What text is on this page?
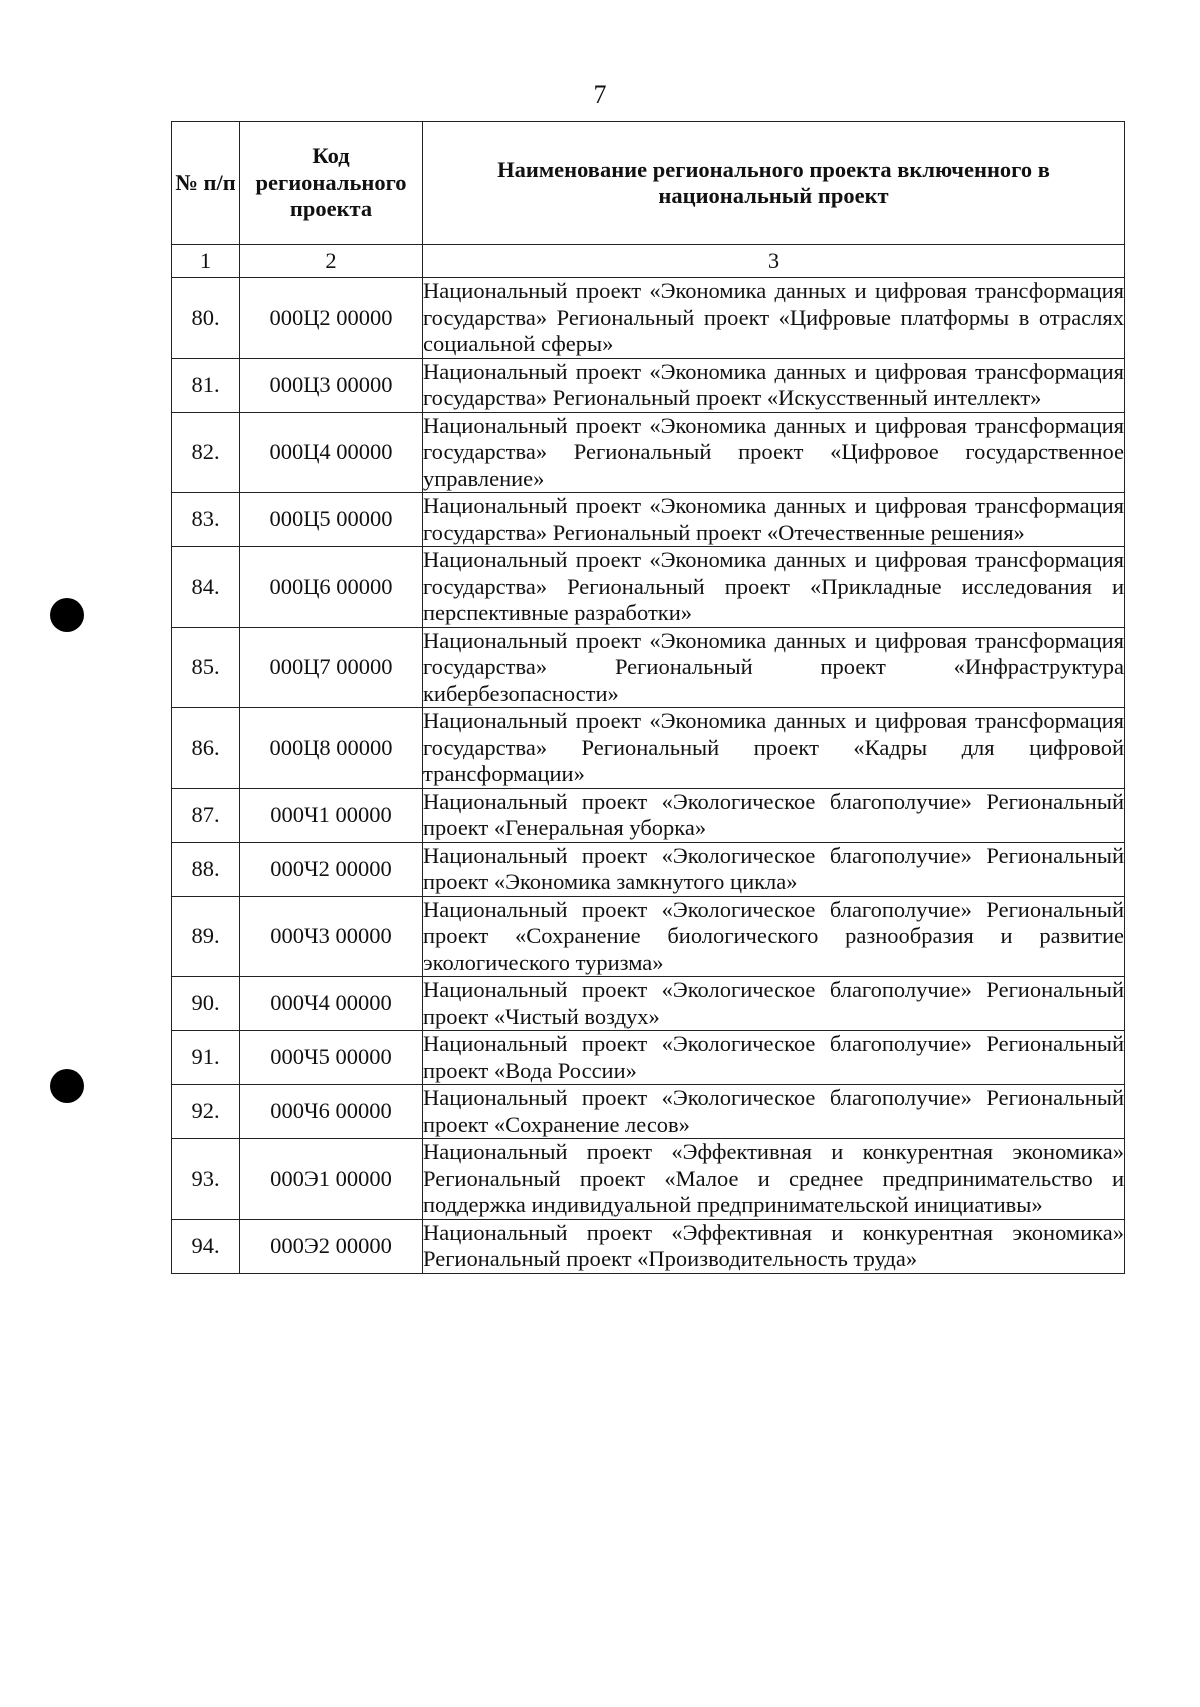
7
№ п/п	Код регионального проекта	Наименование регионального проекта включенного в национальный проект
1	2	3
80.	000Ц2 00000	Национальный проект «Экономика данных и цифровая трансформация государства» Региональный проект «Цифровые платформы в отраслях социальной сферы»
81.	000Ц3 00000	Национальный проект «Экономика данных и цифровая трансформация государства» Региональный проект «Искусственный интеллект»
82.	000Ц4 00000	Национальный проект «Экономика данных и цифровая трансформация государства» Региональный проект «Цифровое государственное управление»
83.	000Ц5 00000	Национальный проект «Экономика данных и цифровая трансформация государства» Региональный проект «Отечественные решения»
84.	000Ц6 00000	Национальный проект «Экономика данных и цифровая трансформация государства» Региональный проект «Прикладные исследования и перспективные разработки»
85.	000Ц7 00000	Национальный проект «Экономика данных и цифровая трансформация государства» Региональный проект «Инфраструктура кибербезопасности»
86.	000Ц8 00000	Национальный проект «Экономика данных и цифровая трансформация государства» Региональный проект «Кадры для цифровой трансформации»
87.	000Ч1 00000	Национальный проект «Экологическое благополучие» Региональный проект «Генеральная уборка»
88.	000Ч2 00000	Национальный проект «Экологическое благополучие» Региональный проект «Экономика замкнутого цикла»
89.	000Ч3 00000	Национальный проект «Экологическое благополучие» Региональный проект «Сохранение биологического разнообразия и развитие экологического туризма»
90.	000Ч4 00000	Национальный проект «Экологическое благополучие» Региональный проект «Чистый воздух»
91.	000Ч5 00000	Национальный проект «Экологическое благополучие» Региональный проект «Вода России»
92.	000Ч6 00000	Национальный проект «Экологическое благополучие» Региональный проект «Сохранение лесов»
93.	000Э1 00000	Национальный проект «Эффективная и конкурентная экономика» Региональный проект «Малое и среднее предпринимательство и поддержка индивидуальной предпринимательской инициативы»
94.	000Э2 00000	Национальный проект «Эффективная и конкурентная экономика» Региональный проект «Производительность труда»
